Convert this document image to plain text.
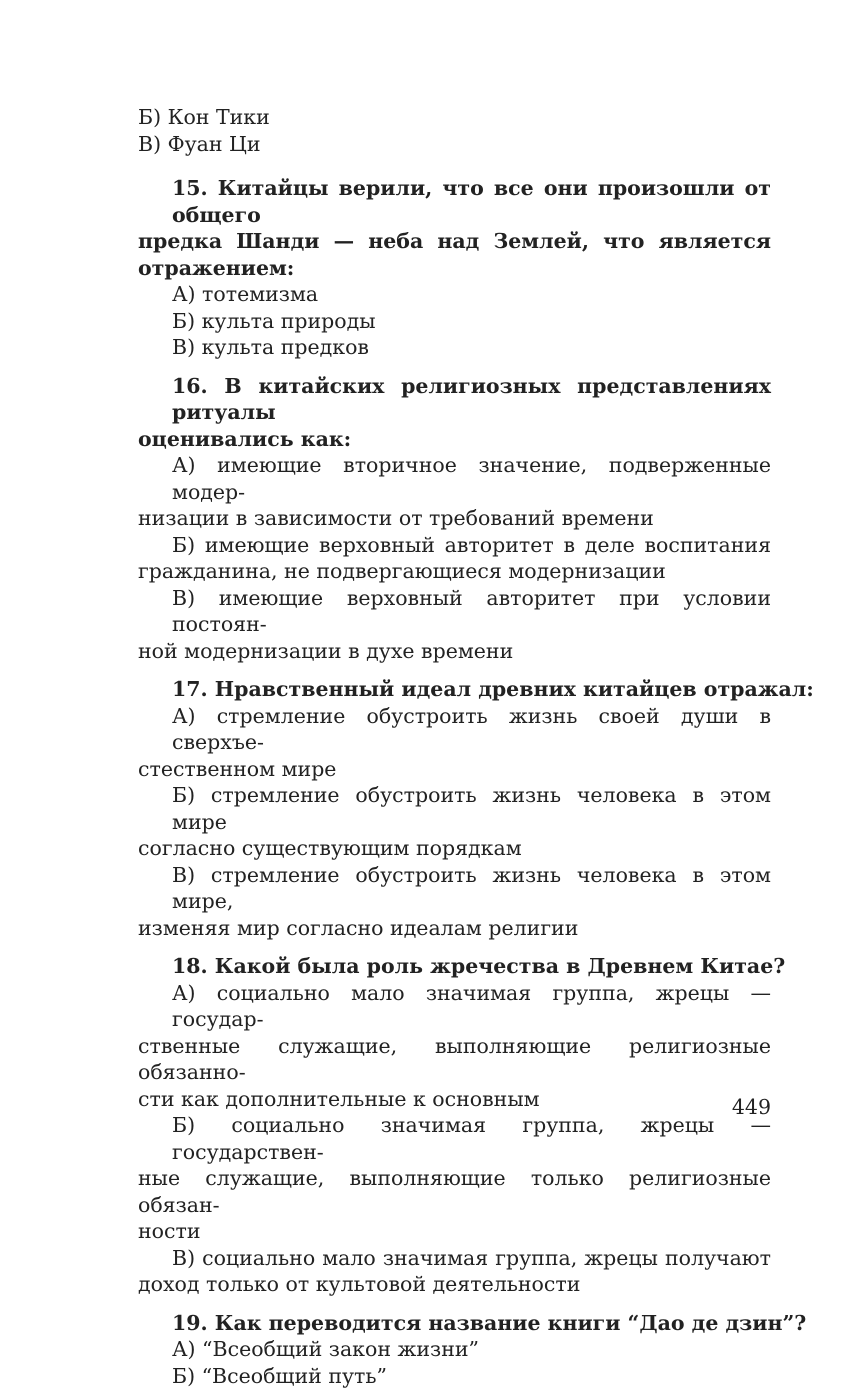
Б) Кон Тики
В) Фуан Ци
15. Китайцы верили, что все они произошли от общего
предка Шанди — неба над Землей, что является отражением:
А) тотемизма
Б) культа природы
В) культа предков
16. В китайских религиозных представлениях ритуалы
оценивались как:
А) имеющие вторичное значение, подверженные модер-
низации в зависимости от требований времени
Б) имеющие верховный авторитет в деле воспитания
гражданина, не подвергающиеся модернизации
В) имеющие верховный авторитет при условии постоян-
ной модернизации в духе времени
17. Нравственный идеал древних китайцев отражал:
А) стремление обустроить жизнь своей души в сверхъе-
стественном мире
Б) стремление обустроить жизнь человека в этом мире
согласно существующим порядкам
В) стремление обустроить жизнь человека в этом мире,
изменяя мир согласно идеалам религии
18. Какой была роль жречества в Древнем Китае?
А) социально мало значимая группа, жрецы — государ-
ственные служащие, выполняющие религиозные обязанно-
сти как дополнительные к основным
Б) социально значимая группа, жрецы — государствен-
ные служащие, выполняющие только религиозные обязан-
ности
В) социально мало значимая группа, жрецы получают
доход только от культовой деятельности
19. Как переводится название книги “Дао де дзин”?
А) “Всеобщий закон жизни”
Б) “Всеобщий путь”
449
